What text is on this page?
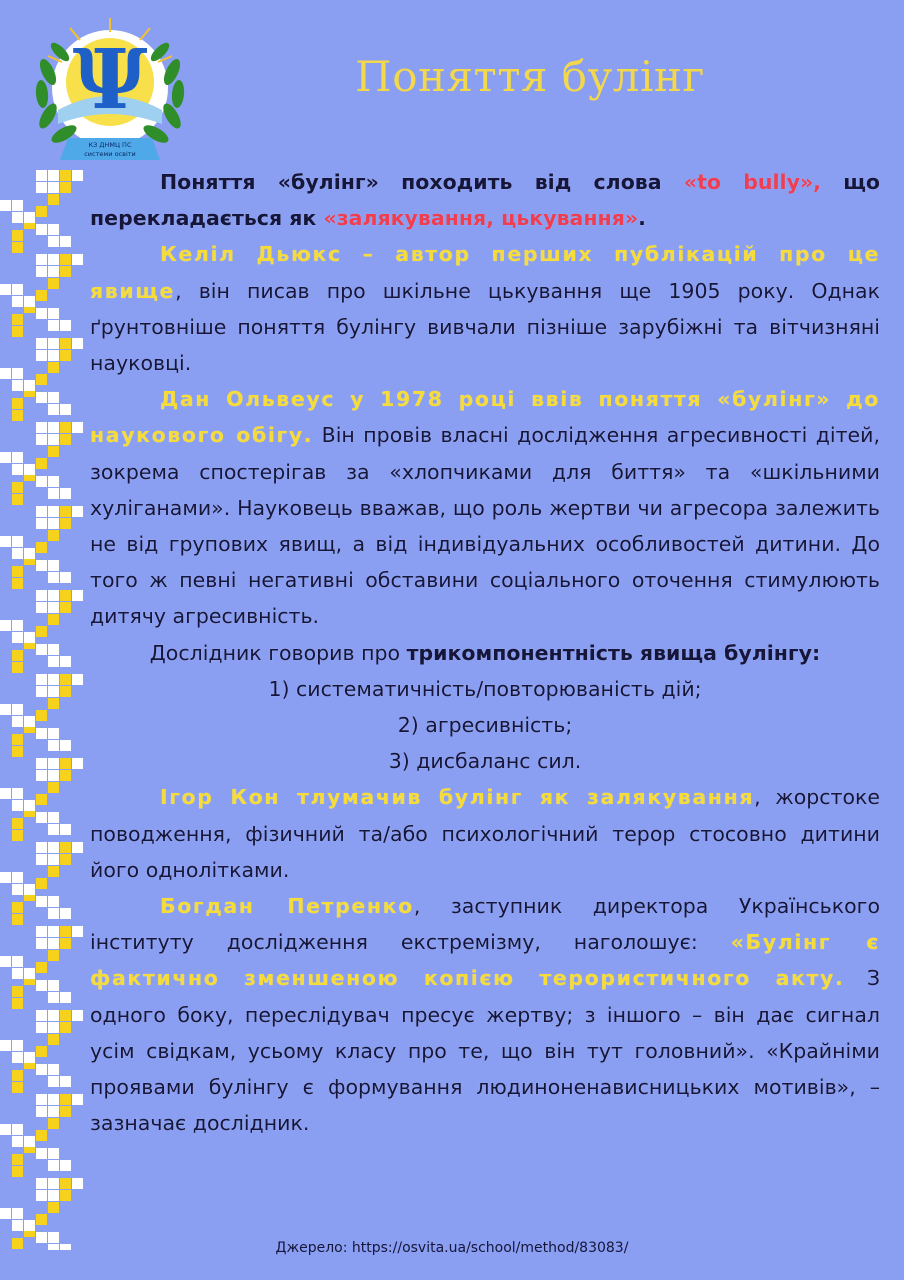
Ψ
КЗ ДНМЦ ПС
системи освіти
Поняття булінг

Поняття «булінг» походить від слова «to bully», що перекладається як «залякування, цькування».

Келіл Дьюкс – автор перших публікацій про це явище, він писав про шкільне цькування ще 1905 року. Однак ґрунтовніше поняття булінгу вивчали пізніше зарубіжні та вітчизняні науковці.

Дан Ольвеус у 1978 році ввів поняття «булінг» до наукового обігу. Він провів власні дослідження агресивності дітей, зокрема спостерігав за «хлопчиками для биття» та «шкільними хуліганами». Науковець вважав, що роль жертви чи агресора залежить не від групових явищ, а від індивідуальних особливостей дитини. До того ж певні негативні обставини соціального оточення стимулюють дитячу агресивність.

Дослідник говорив про трикомпонентність явища булінгу:

1) систематичність/повторюваність дій;

2) агресивність;

3) дисбаланс сил.

Ігор Кон тлумачив булінг як залякування, жорстоке поводження, фізичний та/або психологічний терор стосовно дитини його однолітками.

Богдан Петренко, заступник директора Українського інституту дослідження екстремізму, наголошує: «Булінг є фактично зменшеною копією терористичного акту. З одного боку, переслідувач пресує жертву; з іншого – він дає сигнал усім свідкам, усьому класу про те, що він тут головний». «Крайніми проявами булінгу є формування людиноненависницьких мотивів», – зазначає дослідник.

Джерело: https://osvita.ua/school/method/83083/
